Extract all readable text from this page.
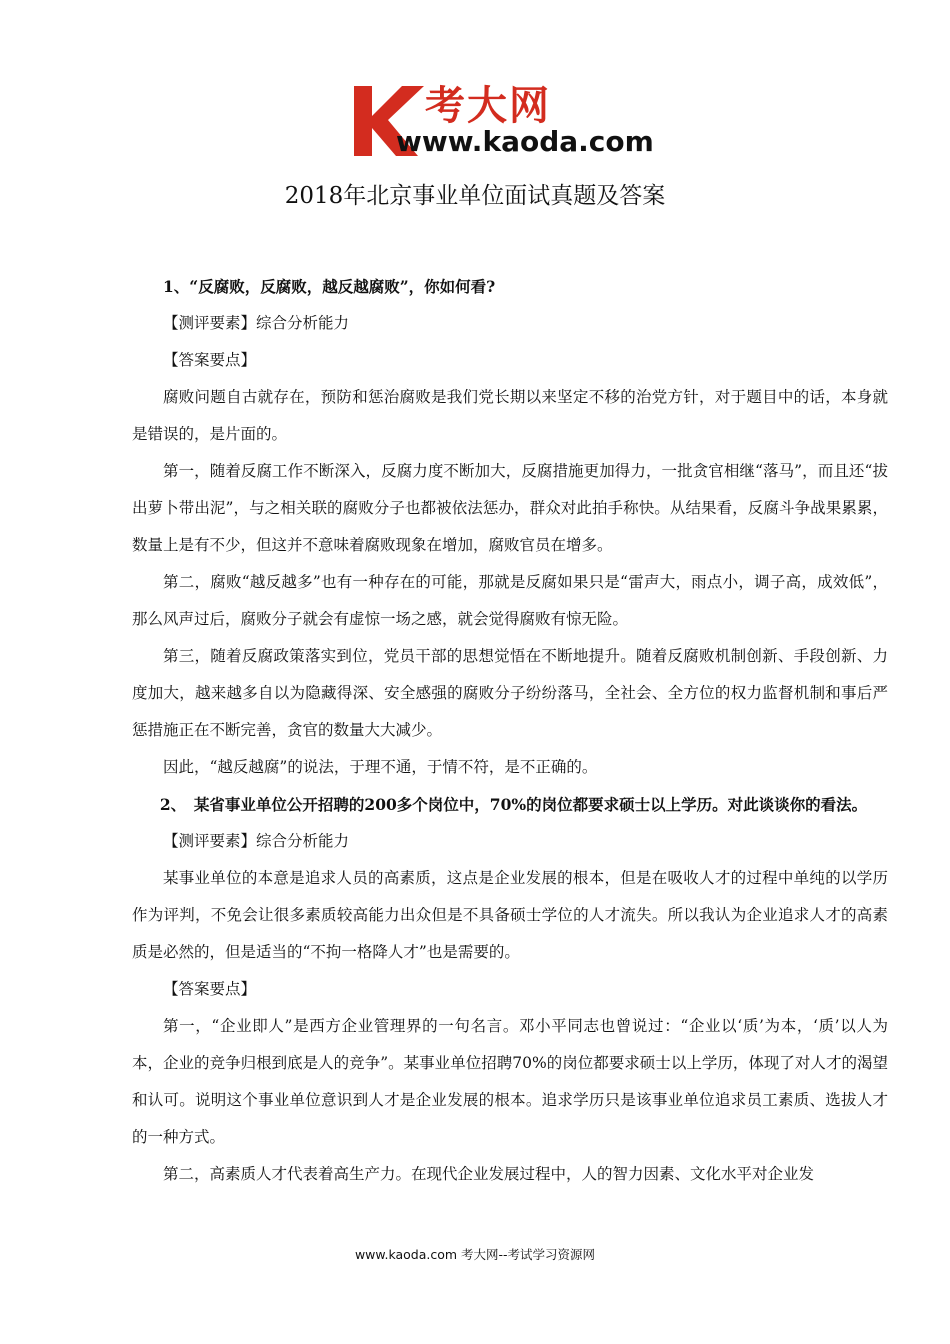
考大网
www.kaoda.com
2018年北京事业单位面试真题及答案

1、“反腐败，反腐败，越反越腐败”，你如何看?

【测评要素】综合分析能力

【答案要点】

腐败问题自古就存在，预防和惩治腐败是我们党长期以来坚定不移的治党方针，对于题目中的话，本身就是错误的，是片面的。

第一，随着反腐工作不断深入，反腐力度不断加大，反腐措施更加得力，一批贪官相继“落马”，而且还“拔出萝卜带出泥”，与之相关联的腐败分子也都被依法惩办，群众对此拍手称快。从结果看，反腐斗争战果累累，数量上是有不少，但这并不意味着腐败现象在增加，腐败官员在增多。

第二，腐败“越反越多”也有一种存在的可能，那就是反腐如果只是“雷声大，雨点小，调子高，成效低”，那么风声过后，腐败分子就会有虚惊一场之感，就会觉得腐败有惊无险。

第三，随着反腐政策落实到位，党员干部的思想觉悟在不断地提升。随着反腐败机制创新、手段创新、力度加大，越来越多自以为隐藏得深、安全感强的腐败分子纷纷落马，全社会、全方位的权力监督机制和事后严惩措施正在不断完善，贪官的数量大大减少。

因此，“越反越腐”的说法，于理不通，于情不符，是不正确的。

2、　某省事业单位公开招聘的200多个岗位中，70%的岗位都要求硕士以上学历。对此谈谈你的看法。

【测评要素】综合分析能力

某事业单位的本意是追求人员的高素质，这点是企业发展的根本，但是在吸收人才的过程中单纯的以学历作为评判，不免会让很多素质较高能力出众但是不具备硕士学位的人才流失。所以我认为企业追求人才的高素质是必然的，但是适当的“不拘一格降人才”也是需要的。

【答案要点】

第一，“企业即人”是西方企业管理界的一句名言。邓小平同志也曾说过：“企业以‘质’为本，‘质’以人为本，企业的竞争归根到底是人的竞争”。某事业单位招聘70%的岗位都要求硕士以上学历，体现了对人才的渴望和认可。说明这个事业单位意识到人才是企业发展的根本。追求学历只是该事业单位追求员工素质、选拔人才的一种方式。

第二，高素质人才代表着高生产力。在现代企业发展过程中，人的智力因素、文化水平对企业发

www.kaoda.com 考大网--考试学习资源网
